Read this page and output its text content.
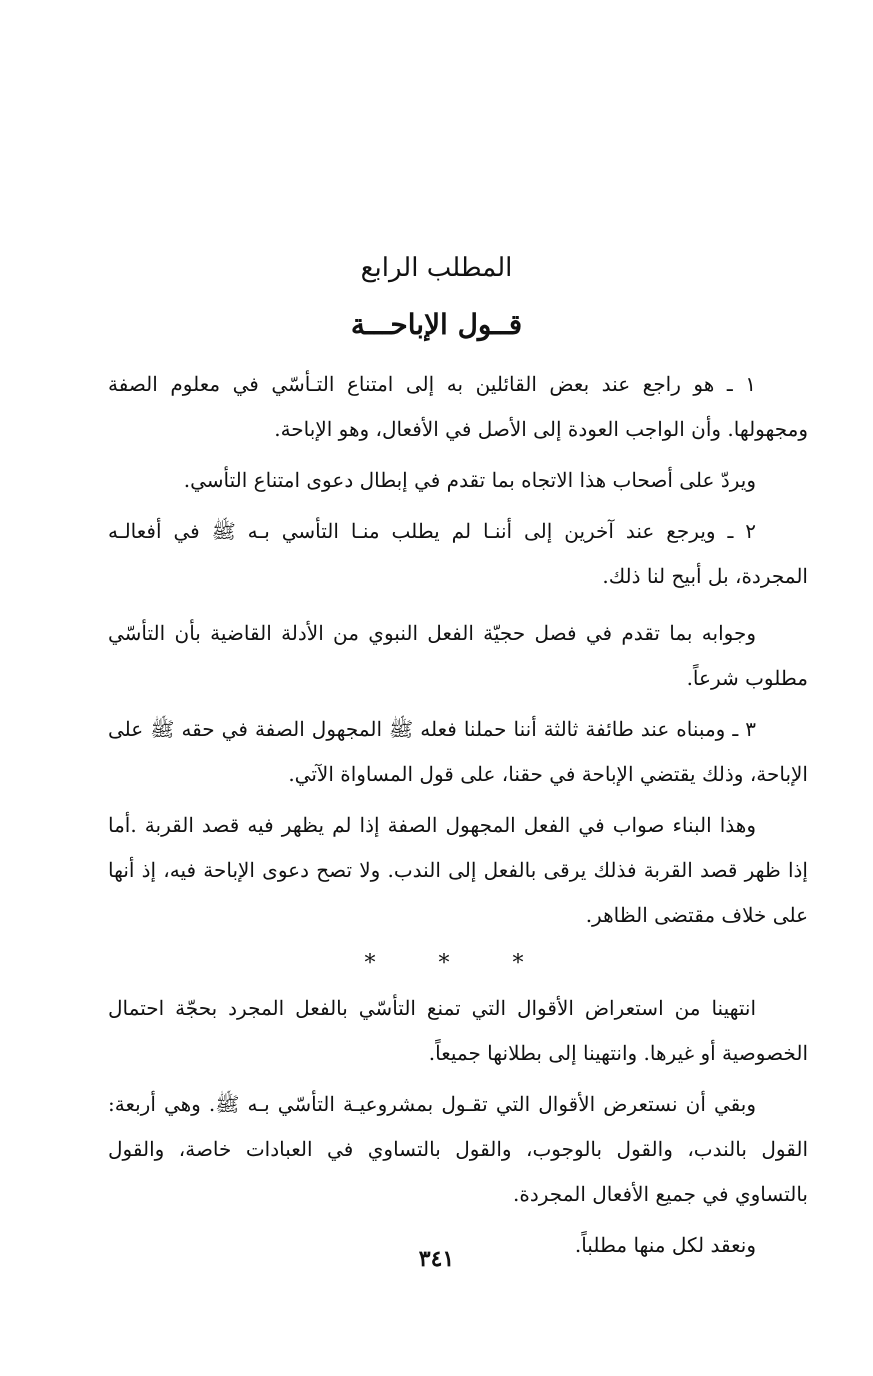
المطلب الرابع
قــول الإباحـــة

١ ـ هو راجع عند بعض القائلين به إلى امتناع التـأسّي في معلوم الصفة ومجهولها. وأن الواجب العودة إلى الأصل في الأفعال، وهو الإباحة.

ويردّ على أصحاب هذا الاتجاه بما تقدم في إبطال دعوى امتناع التأسي.

٢ ـ ويرجع عند آخرين إلى أننـا لم يطلب منـا التأسي بـه ﷺ في أفعالـه المجردة، بل أبيح لنا ذلك.

وجوابه بما تقدم في فصل حجيّة الفعل النبوي من الأدلة القاضية بأن التأسّي مطلوب شرعاً.

٣ ـ ومبناه عند طائفة ثالثة أننا حملنا فعله ﷺ المجهول الصفة في حقه ﷺ على الإباحة، وذلك يقتضي الإباحة في حقنا، على قول المساواة الآتي.

وهذا البناء صواب في الفعل المجهول الصفة إذا لم يظهر فيه قصد القربة .أما إذا ظهر قصد القربة فذلك يرقى بالفعل إلى الندب. ولا تصح دعوى الإباحة فيه، إذ أنها على خلاف مقتضى الظاهر.

* * *

انتهينا من استعراض الأقوال التي تمنع التأسّي بالفعل المجرد بحجّة احتمال الخصوصية أو غيرها. وانتهينا إلى بطلانها جميعاً.

وبقي أن نستعرض الأقوال التي تقـول بمشروعيـة التأسّي بـه ﷺ. وهي أربعة: القول بالندب، والقول بالوجوب، والقول بالتساوي في العبادات خاصة، والقول بالتساوي في جميع الأفعال المجردة.

ونعقد لكل منها مطلباً.

٣٤١
